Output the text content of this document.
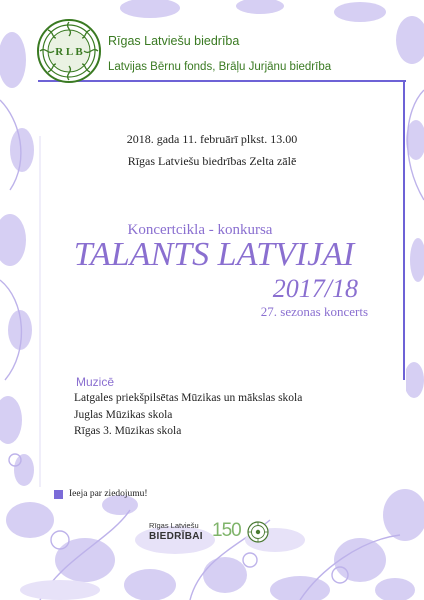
R L B
Rīgas Latviešu biedrība
Latvijas Bērnu fonds, Brāļu Jurjānu biedrība
2018. gada 11. februārī plkst. 13.00
Rīgas Latviešu biedrības Zelta zālē
Koncertcikla - konkursa
TALANTS LATVIJAI
2017/18
27. sezonas koncerts
Muzicē
Latgales priekšpilsētas Mūzikas un mākslas skola
Juglas Mūzikas skola
Rīgas 3. Mūzikas skola
Ieeja par ziedojumu!
Rīgas Latviešu
BIEDRĪBAI 150
